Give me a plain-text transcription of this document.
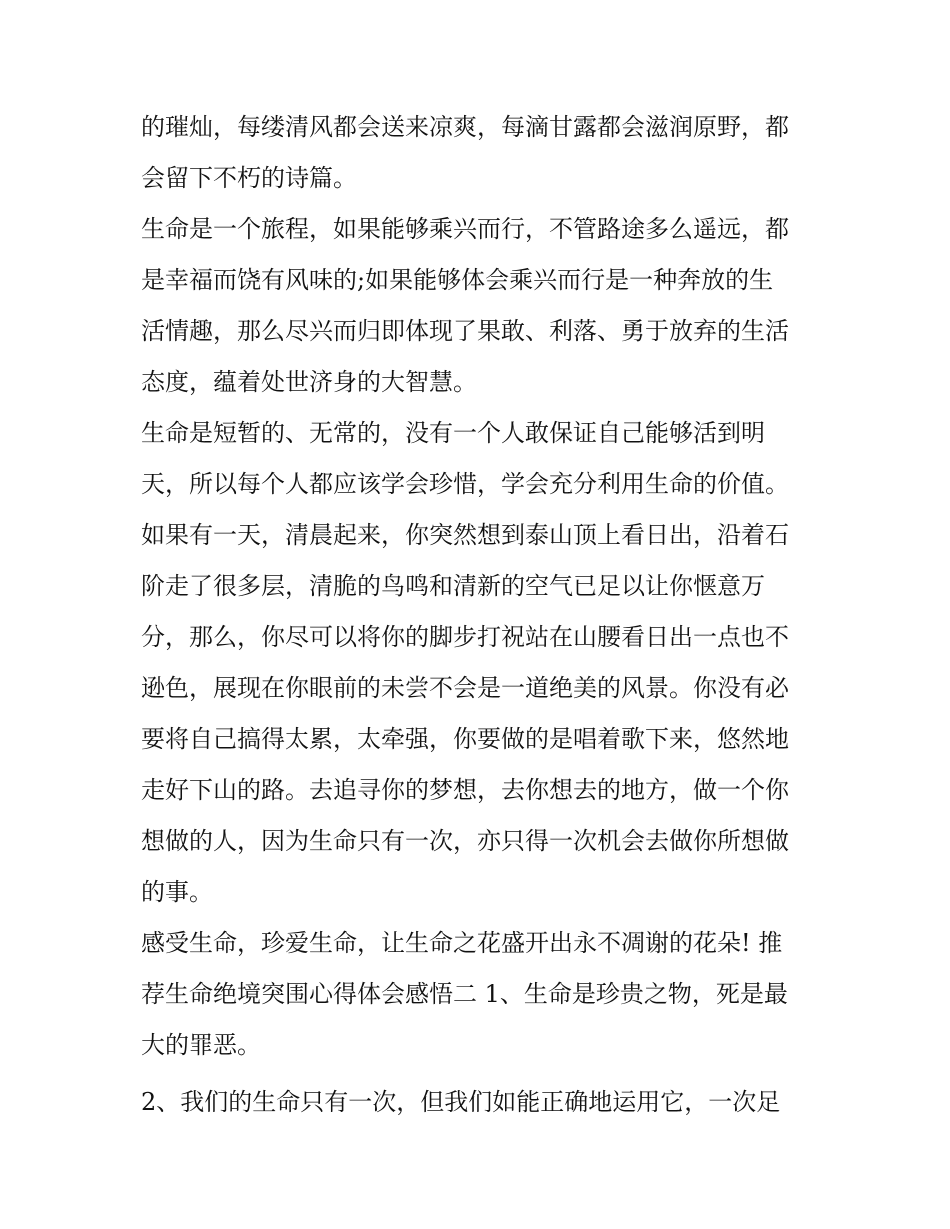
的璀灿，每缕清风都会送来凉爽，每滴甘露都会滋润原野，都
会留下不朽的诗篇。
生命是一个旅程，如果能够乘兴而行，不管路途多么遥远，都
是幸福而饶有风味的;如果能够体会乘兴而行是一种奔放的生
活情趣，那么尽兴而归即体现了果敢、利落、勇于放弃的生活
态度，蕴着处世济身的大智慧。
生命是短暂的、无常的，没有一个人敢保证自己能够活到明
天，所以每个人都应该学会珍惜，学会充分利用生命的价值。
如果有一天，清晨起来，你突然想到泰山顶上看日出，沿着石
阶走了很多层，清脆的鸟鸣和清新的空气已足以让你惬意万
分，那么，你尽可以将你的脚步打祝站在山腰看日出一点也不
逊色，展现在你眼前的未尝不会是一道绝美的风景。你没有必
要将自己搞得太累，太牵强，你要做的是唱着歌下来，悠然地
走好下山的路。去追寻你的梦想，去你想去的地方，做一个你
想做的人，因为生命只有一次，亦只得一次机会去做你所想做
的事。
感受生命，珍爱生命，让生命之花盛开出永不凋谢的花朵! 推
荐生命绝境突围心得体会感悟二 1、生命是珍贵之物，死是最
大的罪恶。
2、我们的生命只有一次，但我们如能正确地运用它，一次足
